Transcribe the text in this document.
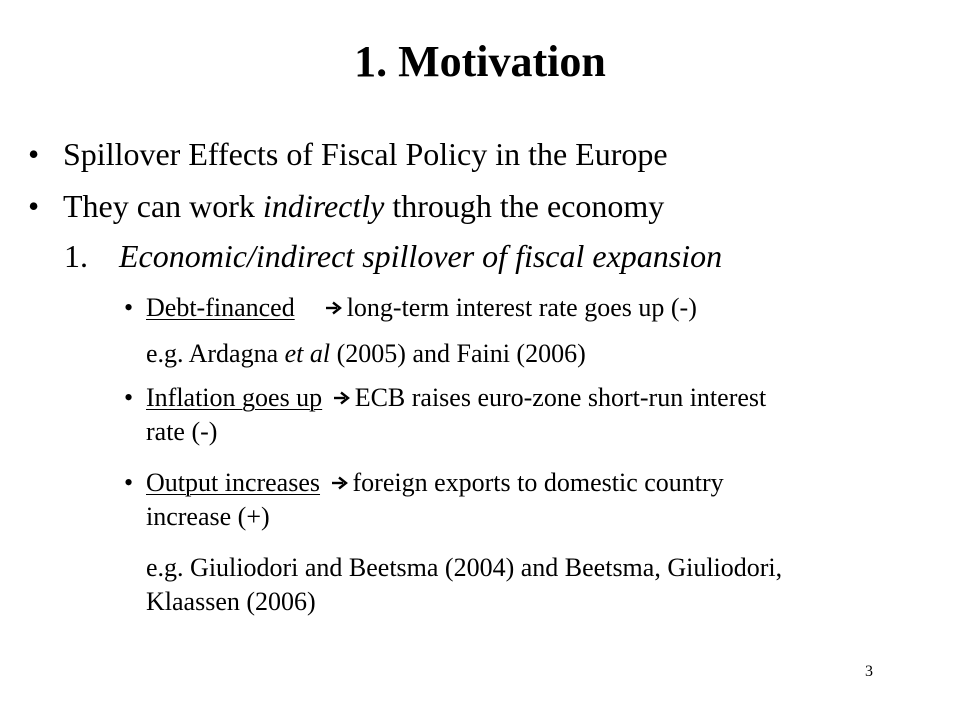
1. Motivation
• Spillover Effects of Fiscal Policy in the Europe
• They can work indirectly through the economy
1. Economic/indirect spillover of fiscal expansion
• Debt-financed long-term interest rate goes up (-)
e.g. Ardagna et al (2005) and Faini (2006)
• Inflation goes up ECB raises euro-zone short-run interest
rate (-)
• Output increases foreign exports to domestic country
increase (+)
e.g. Giuliodori and Beetsma (2004) and Beetsma, Giuliodori,
Klaassen (2006)
3
